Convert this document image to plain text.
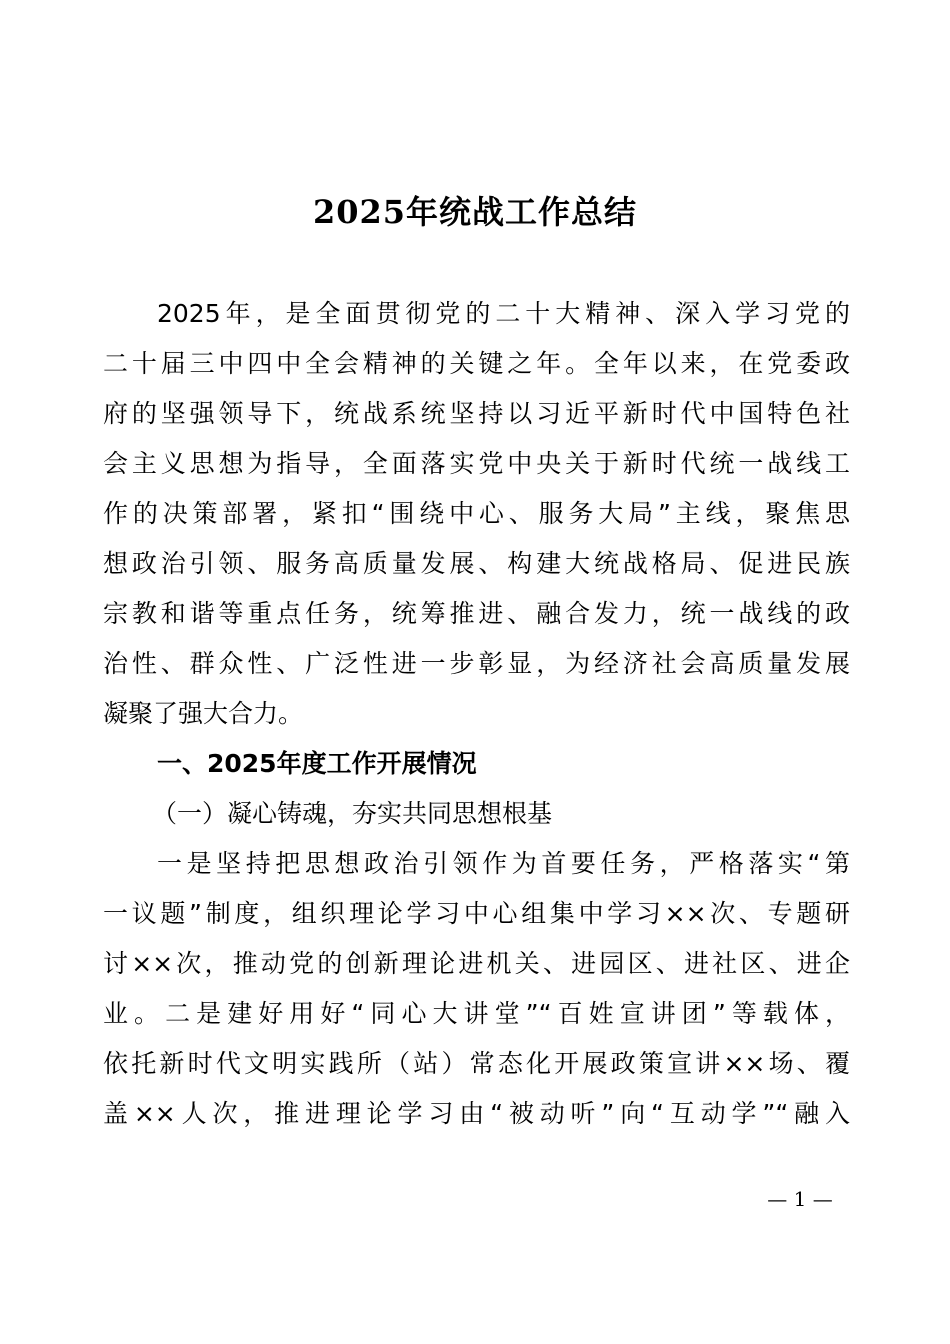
2025年统战工作总结
2025年，是全面贯彻党的二十大精神、深入学习党的
二十届三中四中全会精神的关键之年。全年以来，在党委政
府的坚强领导下，统战系统坚持以习近平新时代中国特色社
会主义思想为指导，全面落实党中央关于新时代统一战线工
作的决策部署，紧扣“围绕中心、服务大局”主线，聚焦思
想政治引领、服务高质量发展、构建大统战格局、促进民族
宗教和谐等重点任务，统筹推进、融合发力，统一战线的政
治性、群众性、广泛性进一步彰显，为经济社会高质量发展
凝聚了强大合力。
一、2025年度工作开展情况
（一）凝心铸魂，夯实共同思想根基
一是坚持把思想政治引领作为首要任务，严格落实“第
一议题”制度，组织理论学习中心组集中学习××次、专题研
讨××次，推动党的创新理论进机关、进园区、进社区、进企
业。二是建好用好“同心大讲堂”“百姓宣讲团”等载体，
依托新时代文明实践所（站）常态化开展政策宣讲××场、覆
盖××人次，推进理论学习由“被动听”向“互动学”“融入
— 1 —
